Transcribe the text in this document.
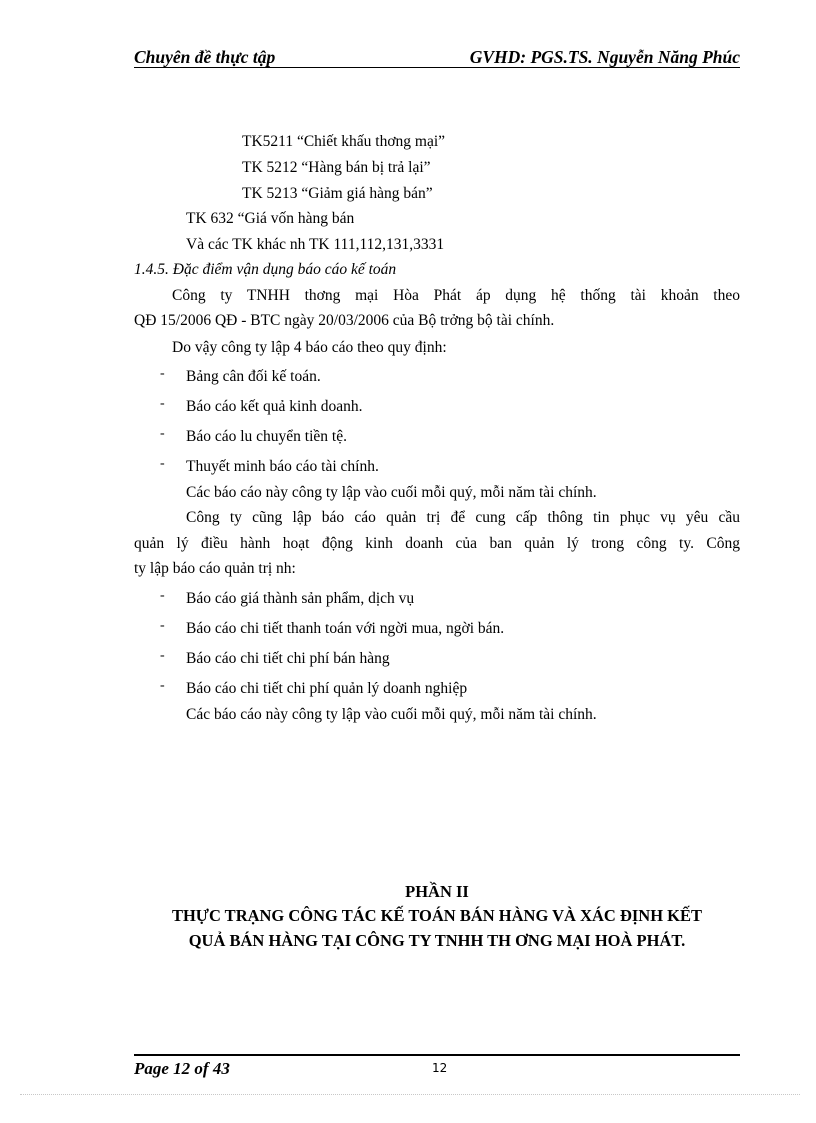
Chuyên đề thực tập	GVHD: PGS.TS. Nguyễn Năng Phúc
TK5211 “Chiết khấu thơng mại”
TK 5212 “Hàng bán bị trả lại”
TK 5213 “Giảm giá hàng bán”
TK 632 “Giá vốn hàng bán
Và các TK khác nh TK 111,112,131,3331
1.4.5. Đặc điểm vận dụng báo cáo kế toán
Công ty TNHH thơng mại Hòa Phát áp dụng hệ thống tài khoản theo
QĐ 15/2006 QĐ - BTC ngày 20/03/2006 của Bộ trởng bộ tài chính.
Do vậy công ty lập 4 báo cáo theo quy định:
- Bảng cân đối kế toán.
- Báo cáo kết quả kinh doanh.
- Báo cáo lu chuyển tiền tệ.
- Thuyết minh báo cáo tài chính.
Các báo cáo này công ty lập vào cuối mỗi quý, mỗi năm tài chính.
Công ty cũng lập báo cáo quản trị để cung cấp thông tin phục vụ yêu cầu
quản lý điều hành hoạt động kinh doanh của ban quản lý trong công ty. Công
ty lập báo cáo quản trị nh:
- Báo cáo giá thành sản phẩm, dịch vụ
- Báo cáo chi tiết thanh toán với ngời mua, ngời bán.
- Báo cáo chi tiết chi phí bán hàng
- Báo cáo chi tiết chi phí quản lý doanh nghiệp
Các báo cáo này công ty lập vào cuối mỗi quý, mỗi năm tài chính.
PHẦN II
THỰC TRẠNG CÔNG TÁC KẾ TOÁN BÁN HÀNG VÀ XÁC ĐỊNH KẾT
QUẢ BÁN HÀNG TẠI CÔNG TY TNHH TH ƠNG MẠI HOÀ PHÁT.
Page 12 of 43	12
